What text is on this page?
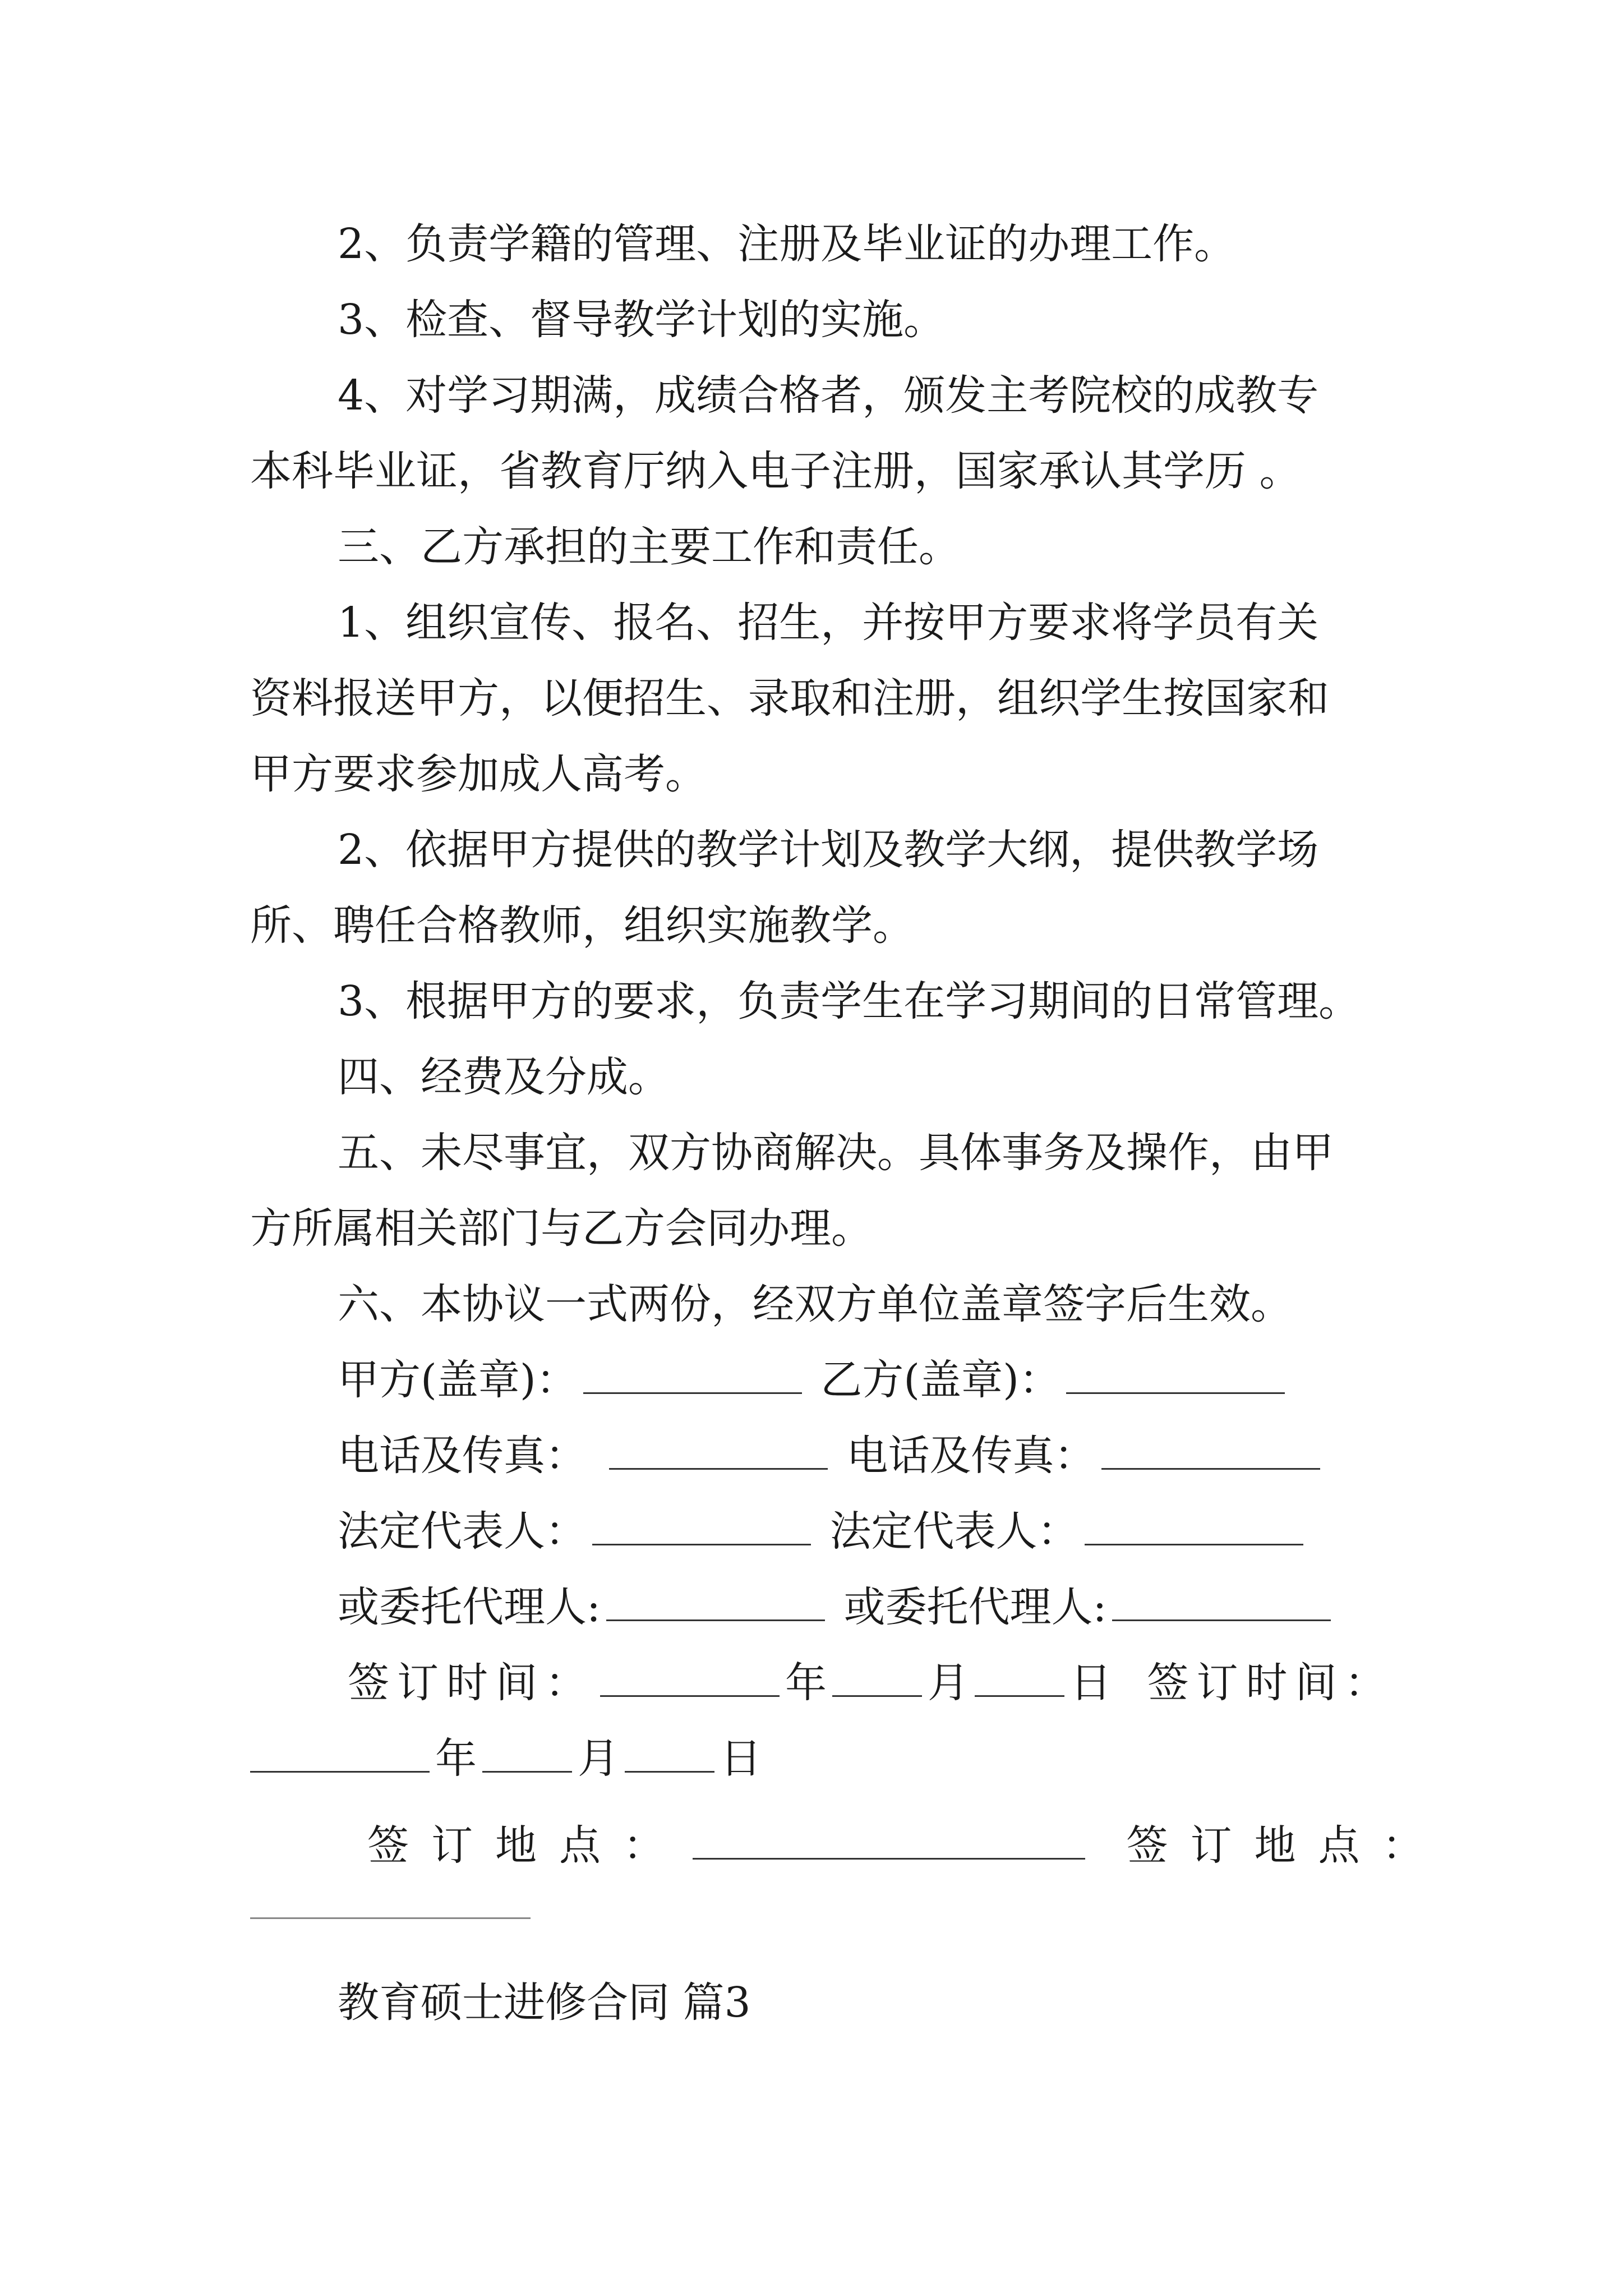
2、负责学籍的管理、注册及毕业证的办理工作。
3、检查、督导教学计划的实施。
4、对学习期满，成绩合格者，颁发主考院校的成教专
本科毕业证，省教育厅纳入电子注册，国家承认其学历 。
三、乙方承担的主要工作和责任。
1、组织宣传、报名、招生，并按甲方要求将学员有关
资料报送甲方，以便招生、录取和注册，组织学生按国家和
甲方要求参加成人高考。
2、依据甲方提供的教学计划及教学大纲，提供教学场
所、聘任合格教师，组织实施教学。
3、根据甲方的要求，负责学生在学习期间的日常管理。
四、经费及分成。
五、未尽事宜，双方协商解决。具体事务及操作，由甲
方所属相关部门与乙方会同办理。
六、本协议一式两份，经双方单位盖章签字后生效。
甲方(盖章)：	乙方(盖章)：
电话及传真：	电话及传真：
法定代表人：	法定代表人：
或委托代理人:	或委托代理人:
签订时间：	年 月 日 签订时间：
年 月 日
签订地点：	签订地点：
教育硕士进修合同 篇3
